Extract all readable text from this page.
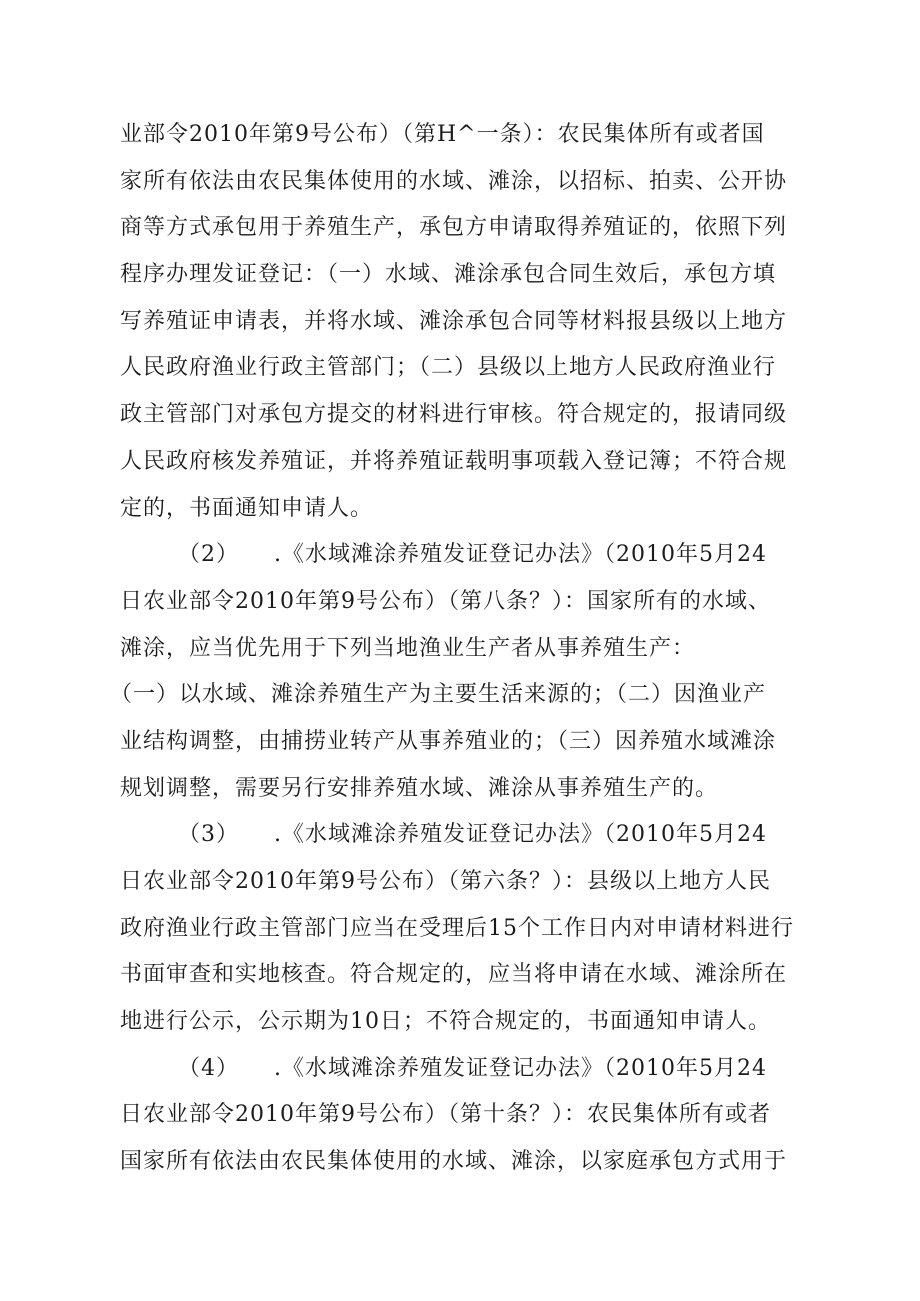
业部令2010年第9号公布）（第H^一条）：农民集体所有或者国
家所有依法由农民集体使用的水域、滩涂，以招标、拍卖、公开协
商等方式承包用于养殖生产，承包方申请取得养殖证的，依照下列
程序办理发证登记：（一）水域、滩涂承包合同生效后，承包方填
写养殖证申请表，并将水域、滩涂承包合同等材料报县级以上地方
人民政府渔业行政主管部门；（二）县级以上地方人民政府渔业行
政主管部门对承包方提交的材料进行审核。符合规定的，报请同级
人民政府核发养殖证，并将养殖证载明事项载入登记簿；不符合规
定的，书面通知申请人。
（2）　　.《水域滩涂养殖发证登记办法》（2010年5月24
日农业部令2010年第9号公布）（第八条？）：国家所有的水域、
滩涂，应当优先用于下列当地渔业生产者从事养殖生产：
（一）以水域、滩涂养殖生产为主要生活来源的；（二）因渔业产
业结构调整，由捕捞业转产从事养殖业的；（三）因养殖水域滩涂
规划调整，需要另行安排养殖水域、滩涂从事养殖生产的。
（3）　　.《水域滩涂养殖发证登记办法》（2010年5月24
日农业部令2010年第9号公布）（第六条？）：县级以上地方人民
政府渔业行政主管部门应当在受理后15个工作日内对申请材料进行
书面审查和实地核查。符合规定的，应当将申请在水域、滩涂所在
地进行公示，公示期为10日；不符合规定的，书面通知申请人。
（4）　　.《水域滩涂养殖发证登记办法》（2010年5月24
日农业部令2010年第9号公布）（第十条？）：农民集体所有或者
国家所有依法由农民集体使用的水域、滩涂，以家庭承包方式用于
